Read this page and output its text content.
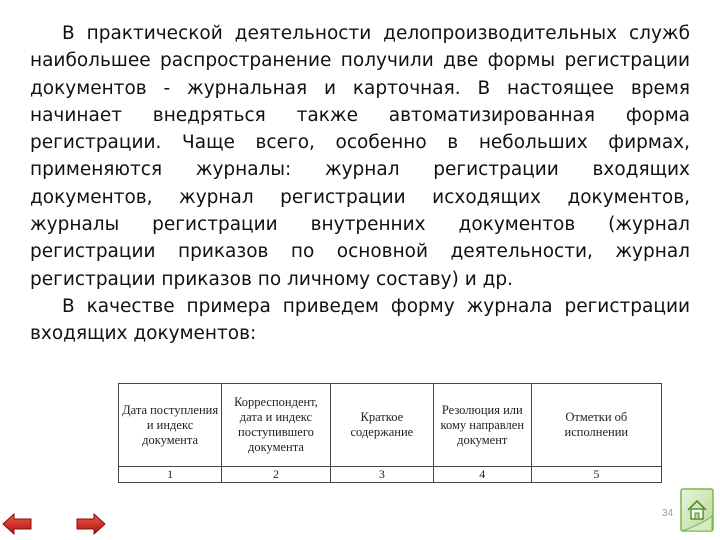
В практической деятельности делопроизводительных служб наибольшее распространение получили две формы регистрации документов - журнальная и карточная. В настоящее время начинает внедряться также автоматизированная форма регистрации. Чаще всего, особенно в небольших фирмах, применяются журналы: журнал регистрации входящих документов, журнал регистрации исходящих документов, журналы регистрации внутренних документов (журнал регистрации приказов по основной деятельности, журнал регистрации приказов по личному составу) и др.

В качестве примера приведем форму журнала регистрации входящих документов:

Дата поступления и индекс документа	Корреспондент, дата и индекс поступившего документа	Краткое содержание	Резолюция или кому направлен документ	Отметки об исполнении
1	2	3	4	5
34
